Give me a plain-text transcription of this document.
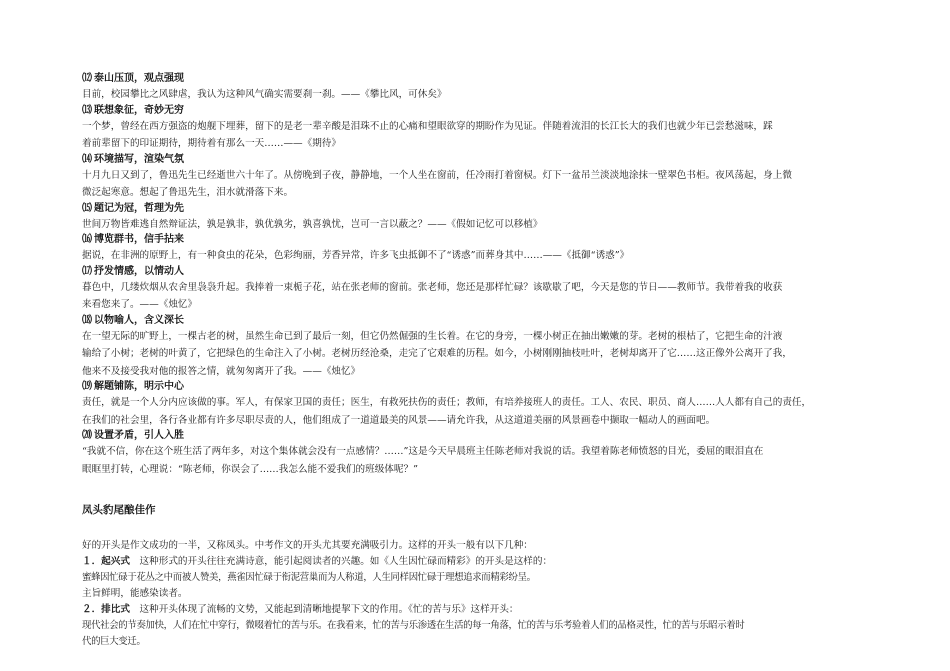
⑿ 泰山压顶，观点强现
目前，校园攀比之风肆虐，我认为这种风气确实需要刹一刹。——《攀比风，可休矣》
⒀ 联想象征，奇妙无穷
一个梦，曾经在西方强盗的炮舰下埋葬，留下的是老一辈辛酸是泪珠不止的心痛和望眼欲穿的期盼作为见证。伴随着流泪的长江长大的我们也就少年已尝愁滋味，踩
着前辈留下的印证期待，期待着有那么一天……——《期待》
⒁ 环境描写，渲染气氛
十月九日又到了，鲁迅先生已经逝世六十年了。从傍晚到子夜，静静地，一个人坐在窗前，任冷雨打着窗棂。灯下一盆吊兰淡淡地涂抹一壁翠色书柜。夜风荡起，身上微
微泛起寒意。想起了鲁迅先生，泪水就滑落下来。
⒂ 题记为冠，哲理为先
世间万物皆难逃自然辩证法，孰是孰非，孰优孰劣，孰喜孰忧，岂可一言以蔽之？——《假如记忆可以移植》
⒃ 博览群书，信手拈来
据说，在非洲的原野上，有一种食虫的花朵，色彩绚丽，芳香异常，许多飞虫抵御不了“诱惑”而葬身其中……——《抵御“诱惑”》
⒄ 抒发情感，以情动人
暮色中，几缕炊烟从农舍里袅袅升起。我捧着一束栀子花，站在张老师的窗前。张老师，您还是那样忙碌？该歇歇了吧，今天是您的节日——教师节。我带着我的收获
来看您来了。——《烛忆》
⒅ 以物喻人，含义深长
在一望无际的旷野上，一棵古老的树，虽然生命已到了最后一刻，但它仍然倔强的生长着。在它的身旁，一棵小树正在抽出嫩嫩的芽。老树的根枯了，它把生命的汁液
输给了小树；老树的叶黄了，它把绿色的生命注入了小树。老树历经沧桑，走完了它艰难的历程。如今，小树刚刚抽枝吐叶，老树却离开了它……这正像外公离开了我，
他来不及接受我对他的报答之情，就匆匆离开了我。——《烛忆》
⒆ 解题铺陈，明示中心
责任，就是一个人分内应该做的事。军人，有保家卫国的责任；医生，有救死扶伤的责任；教师，有培养接班人的责任。工人、农民、职员、商人……人人都有自己的责任，
在我们的社会里，各行各业都有许多尽职尽责的人，他们组成了一道道最美的风景——请允许我，从这道道美丽的风景画卷中撷取一幅动人的画面吧。
⒇ 设置矛盾，引人入胜
“我就不信，你在这个班生活了两年多，对这个集体就会没有一点感情？……”这是今天早晨班主任陈老师对我说的话。我望着陈老师愤怒的目光，委屈的眼泪直在
眼眶里打转，心理说：“陈老师，你误会了……我怎么能不爱我们的班级体呢？”
凤头豹尾酿佳作
好的开头是作文成功的一半，又称凤头。中考作文的开头尤其要充满吸引力。这样的开头一般有以下几种：
１．起兴式　这种形式的开头往往充满诗意，能引起阅读者的兴趣。如《人生因忙碌而精彩》的开头是这样的：
蜜蜂因忙碌于花丛之中而被人赞美，燕雀因忙碌于衔泥营巢而为人称道，人生同样因忙碌于理想追求而精彩纷呈。
主旨鲜明，能感染读者。
２．排比式　这种开头体现了流畅的文势，又能起到清晰地提挈下文的作用。《忙的苦与乐》这样开头：
现代社会的节奏加快，人们在忙中穿行，微啜着忙的苦与乐。在我看来，忙的苦与乐渗透在生活的每一角落，忙的苦与乐考验着人们的品格灵性，忙的苦与乐昭示着时
代的巨大变迁。
